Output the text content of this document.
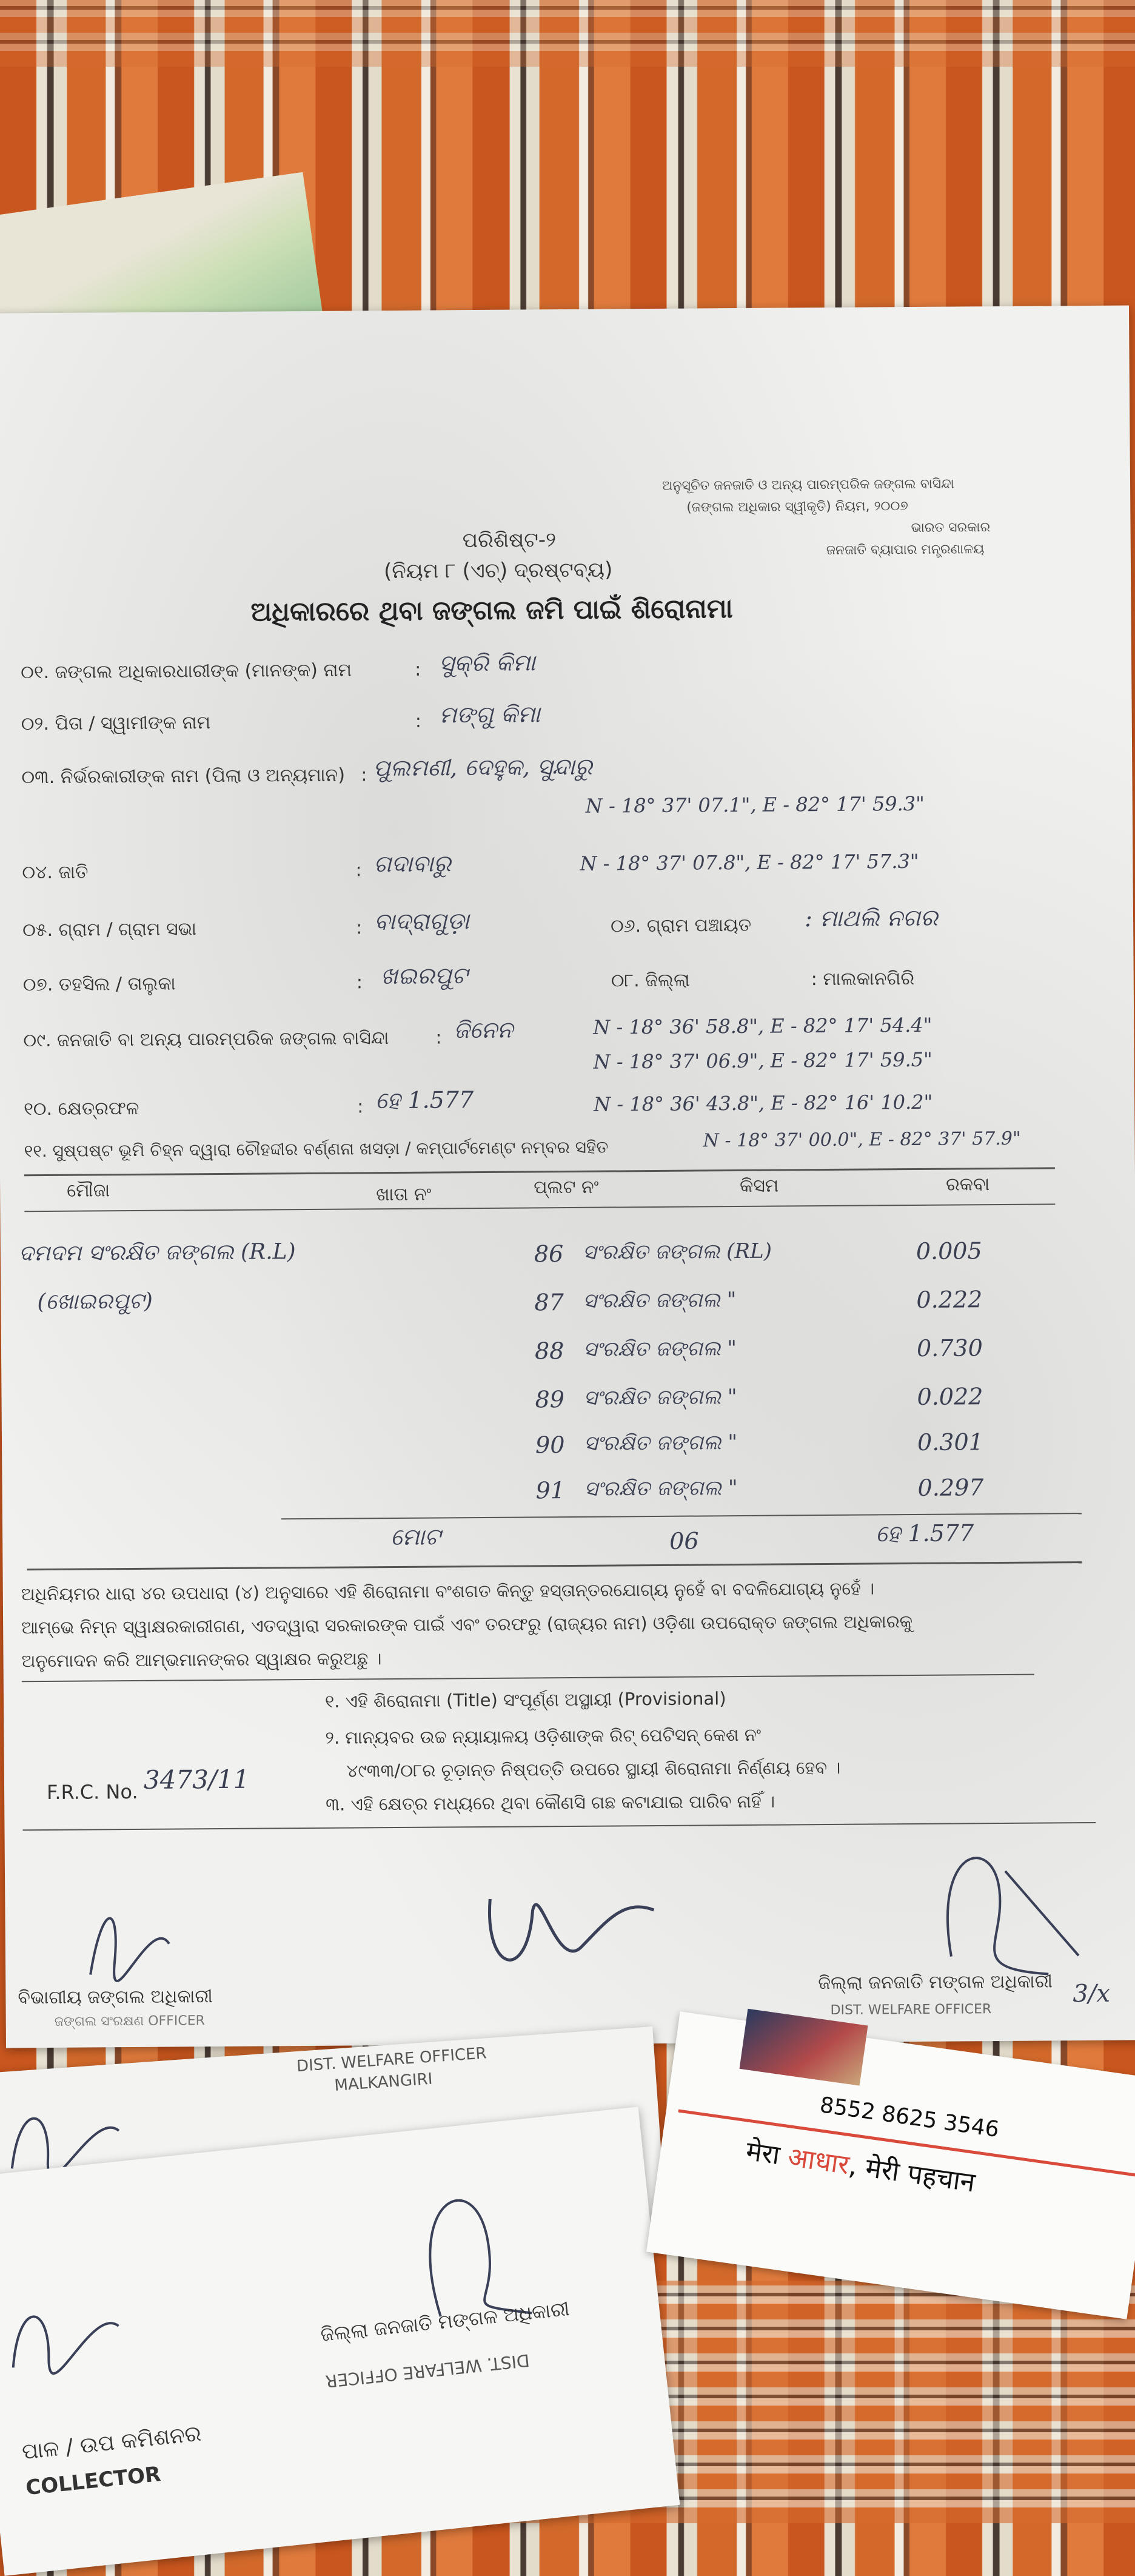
ଅନୁସୂଚିତ ଜନଜାତି ଓ ଅନ୍ୟ ପାରମ୍ପରିକ ଜଙ୍ଗଲ ବାସିନ୍ଦା
(ଜଙ୍ଗଲ ଅଧିକାର ସ୍ୱୀକୃତି) ନିୟମ, ୨୦୦୭
ଭାରତ ସରକାର
ଜନଜାତି ବ୍ୟାପାର ମନ୍ତ୍ରଣାଳୟ
ପରିଶିଷ୍ଟ-୨
(ନିୟମ ୮ (ଏଚ୍) ଦ୍ରଷ୍ଟବ୍ୟ)
ଅଧିକାରରେ ଥିବା ଜଙ୍ଗଲ ଜମି ପାଇଁ ଶିରୋନାମା
୦୧. ଜଙ୍ଗଲ ଅଧିକାରଧାରୀଙ୍କ (ମାନଙ୍କ) ନାମ	: ସୁକ୍ରି କିମା
୦୨. ପିତା / ସ୍ୱାମୀଙ୍କ ନାମ	: ମଙ୍ଗୁ କିମା
୦୩. ନିର୍ଭରକାରୀଙ୍କ ନାମ (ପିଲା ଓ ଅନ୍ୟମାନ) : ପୁଲମଣୀ, ଦେହୁକ, ସୁନ୍ଦାରୁ
N - 18° 37' 07.1", E - 82° 17' 59.3"
୦୪. ଜାତି	: ଗଦାବାରୁ	N - 18° 37' 07.8", E - 82° 17' 57.3"
୦୫. ଗ୍ରାମ / ଗ୍ରାମ ସଭା	: ବାଦ୍ରାଗୁଡ଼ା	୦୬. ଗ୍ରାମ ପଞ୍ଚାୟତ : ମାଥଲି ନଗର
୦୭. ତହସିଲ / ତାଲୁକା	: ଖଇରପୁଟ	୦୮. ଜିଲ୍ଲା	: ମାଲକାନଗିରି
୦୯. ଜନଜାତି ବା ଅନ୍ୟ ପାରମ୍ପରିକ ଜଙ୍ଗଲ ବାସିନ୍ଦା	: ଜିନେନ	N - 18° 36' 58.8", E - 82° 17' 54.4"
N - 18° 37' 06.9", E - 82° 17' 59.5"
୧୦. କ୍ଷେତ୍ରଫଳ	: ହେ 1.577	N - 18° 36' 43.8", E - 82° 16' 10.2"
୧୧. ସୁଷ୍ପଷ୍ଟ ଭୂମି ଚିହ୍ନ ଦ୍ୱାରା ଚୌହଦ୍ଦୀର ବର୍ଣ୍ଣନା ଖସଡ଼ା / କମ୍ପାର୍ଟମେଣ୍ଟ ନମ୍ବର ସହିତ	N - 18° 37' 00.0", E - 82° 37' 57.9"
ମୌଜା	ଖାତା ନଂ	ପ୍ଲଟ ନଂ	କିସମ	ରକବା
ଦମଦମ ସଂରକ୍ଷିତ ଜଙ୍ଗଲ (R.L)
(ଖୋଇରପୁଟ)
86 ସଂରକ୍ଷିତ ଜଙ୍ଗଲ (RL)	0.005
87 ସଂରକ୍ଷିତ ଜଙ୍ଗଲ "	0.222
88 ସଂରକ୍ଷିତ ଜଙ୍ଗଲ "	0.730
89 ସଂରକ୍ଷିତ ଜଙ୍ଗଲ "	0.022
90 ସଂରକ୍ଷିତ ଜଙ୍ଗଲ "	0.301
91 ସଂରକ୍ଷିତ ଜଙ୍ଗଲ "	0.297
ମୋଟ	06	ହେ 1.577
ଅଧିନିୟମର ଧାରା ୪ର ଉପଧାରା (୪) ଅନୁସାରେ ଏହି ଶିରୋନାମା ବଂଶଗତ କିନ୍ତୁ ହସ୍ତାନ୍ତରଯୋଗ୍ୟ ନୁହେଁ ବା ବଦଳିଯୋଗ୍ୟ ନୁହେଁ ।
ଆମ୍ଭେ ନିମ୍ନ ସ୍ୱାକ୍ଷରକାରୀଗଣ, ଏତଦ୍ୱାରା ସରକାରଙ୍କ ପାଇଁ ଏବଂ ତରଫରୁ (ରାଜ୍ୟର ନାମ) ଓଡ଼ିଶା ଉପରୋକ୍ତ ଜଙ୍ଗଲ ଅଧିକାରକୁ
ଅନୁମୋଦନ କରି ଆମ୍ଭମାନଙ୍କର ସ୍ୱାକ୍ଷର କରୁଅଛୁ ।
୧. ଏହି ଶିରୋନାମା (Title) ସଂପୂର୍ଣ୍ଣ ଅସ୍ଥାୟୀ (Provisional)
୨. ମାନ୍ୟବର ଉଚ୍ଚ ନ୍ୟାୟାଳୟ ଓଡ଼ିଶାଙ୍କ ରିଟ୍ ପେଟିସନ୍ କେଶ ନଂ
୪୯୩୩/୦୮ର ଚୂଡ଼ାନ୍ତ ନିଷ୍ପତ୍ତି ଉପରେ ସ୍ଥାୟୀ ଶିରୋନାମା ନିର୍ଣ୍ଣୟ ହେବ ।
୩. ଏହି କ୍ଷେତ୍ର ମଧ୍ୟରେ ଥିବା କୌଣସି ଗଛ କଟାଯାଇ ପାରିବ ନାହିଁ ।
F.R.C. No. 3473/11
ବିଭାଗୀୟ ଜଙ୍ଗଲ ଅଧିକାରୀ
ଜଙ୍ଗଲ ସଂରକ୍ଷଣ OFFICER
ଜିଲ୍ଲା ଜନଜାତି ମଙ୍ଗଳ ଅଧିକାରୀ
DIST. WELFARE OFFICER
3/x
DIST. WELFARE OFFICER
MALKANGIRI
ଜିଲ୍ଲା ଜନଜାତି ମଙ୍ଗଳ ଅଧିକାରୀ
DIST. WELFARE OFFICER
ପାଳ / ଉପ କମିଶନର
COLLECTOR
8552 8625 3546
मेरा आधार, मेरी पहचान
